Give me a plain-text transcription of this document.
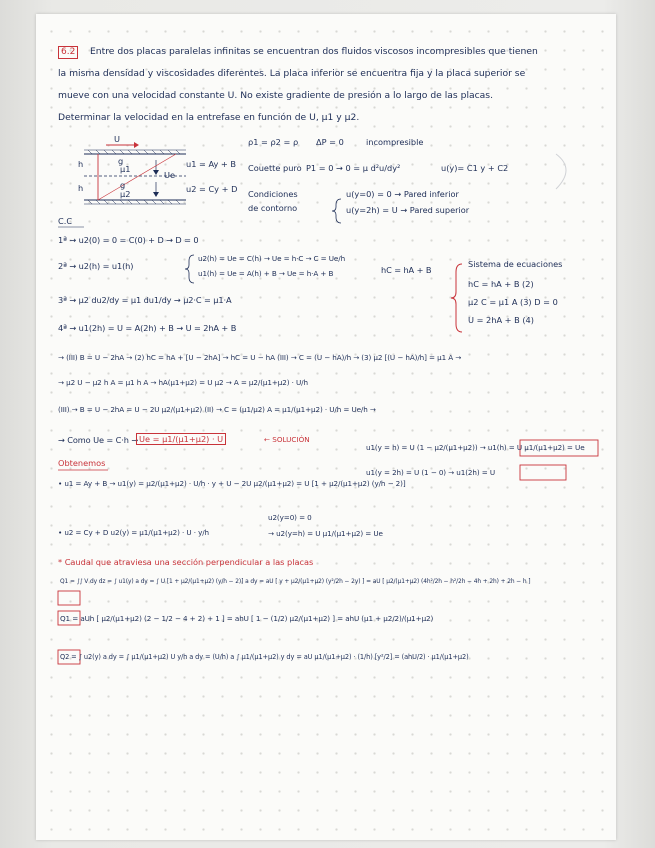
6.2	Entre dos placas paralelas infinitas se encuentran dos fluidos viscosos incompresibles que tienen
la misma densidad y viscosidades diferentes. La placa inferior se encuentra fija y la placa superior se
mueve con una velocidad constante U. No existe gradiente de presión a lo largo de las placas.
Determinar la velocidad en la entrefase en función de U, μ1 y μ2.
U
g
μ1
g
μ2
h
h
Ue
u1 = Ay + B
u2 = Cy + D
ρ1 = ρ2 = ρ ΔP = 0	incompresible
Couette puro P1 = 0 → 0 = μ d²u/dy²	u(y)= C1 y + C2
Condiciones
de contorno
u(y=0) = 0 → Pared inferior
u(y=2h) = U → Pared superior
C.C
1ª → u2(0) = 0 = C(0) + D → D = 0
2ª → u2(h) = u1(h)
u2(h) = Ue = C(h) → Ue = h·C → C = Ue/h
u1(h) = Ue = A(h) + B → Ue = h·A + B	hC = hA + B
3ª → μ2 du2/dy = μ1 du1/dy → μ2·C = μ1·A
4ª → u1(2h) = U = A(2h) + B → U = 2hA + B
Sistema de ecuaciones
hC = hA + B (2)
μ2 C = μ1 A (3) D = 0
U = 2hA + B (4)
→ (III) B = U − 2hA → (2) hC = hA + [U − 2hA] → hC = U − hA (III) → C = (U − hA)/h → (3) μ2 [(U − hA)/h] = μ1 A →
→ μ2 U − μ2 h A = μ1 h A → hA(μ1+μ2) = U μ2 → A = μ2/(μ1+μ2) · U/h
(III) → B = U − 2hA = U − 2U μ2/(μ1+μ2) (II) → C = (μ1/μ2) A = μ1/(μ1+μ2) · U/h = Ue/h →
→ Como Ue = C·h → Ue = μ1/(μ1+μ2) · U	← SOLUCIÓN
Obtenemos
u1(y = h) = U (1 − μ2/(μ1+μ2)) → u1(h) = U μ1/(μ1+μ2) = Ue
u1(y = 2h) = U (1 − 0) → u1(2h) = U
• u1 = Ay + B → u1(y) = μ2/(μ1+μ2) · U/h · y + U − 2U μ2/(μ1+μ2) = U [1 + μ2/(μ1+μ2) (y/h − 2)]
• u2 = Cy + D u2(y) = μ1/(μ1+μ2) · U · y/h
u2(y=0) = 0
→ u2(y=h) = U μ1/(μ1+μ2) = Ue
* Caudal que atraviesa una sección perpendicular a las placas
Q1 = ∫∫ V dy dz = ∫ u1(y) a dy = ∫ U [1 + μ2/(μ1+μ2) (y/h − 2)] a dy = aU [ y + μ2/(μ1+μ2) (y²/2h − 2y) ] = aU [ μ2/(μ1+μ2) (4h²/2h − h²/2h − 4h + 2h) + 2h − h ]
Q1 = aUh [ μ2/(μ1+μ2) (2 − 1/2 − 4 + 2) + 1 ] = ahU [ 1 − (1/2) μ2/(μ1+μ2) ] = ahU (μ1 + μ2/2)/(μ1+μ2)
Q2 = ∫ u2(y) a dy = ∫ μ1/(μ1+μ2) U y/h a dy = (U/h) a ∫ μ1/(μ1+μ2) y dy = aU μ1/(μ1+μ2) · (1/h) [y²/2] = (ahU/2) · μ1/(μ1+μ2)
